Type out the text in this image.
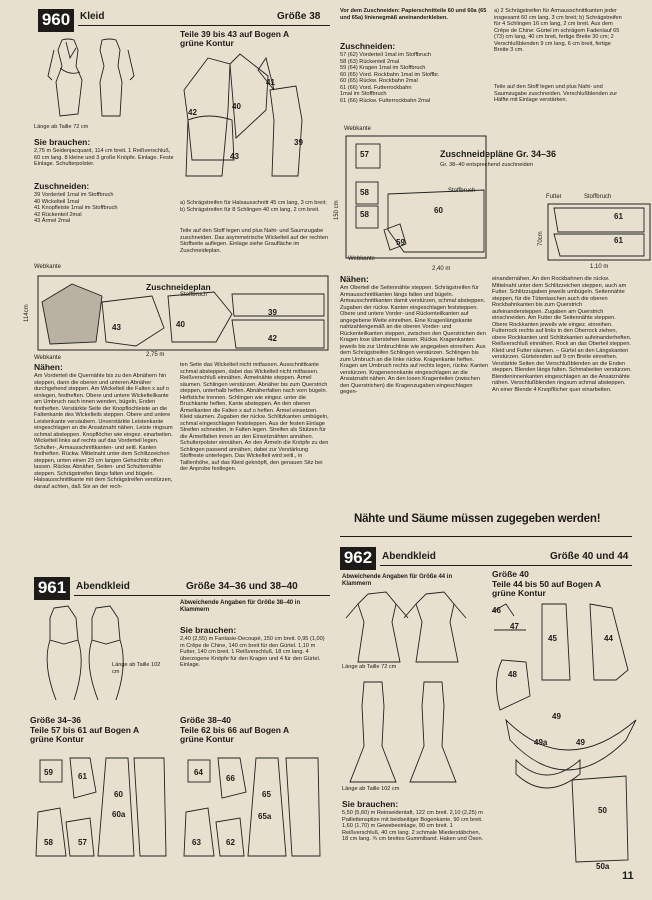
960 Kleid	Größe 38
Länge ab Taille 72 cm
Sie brauchen:
2,75 m Seidenjacquard, 114 cm breit. 1 Reißverschluß, 60 cm lang. 8 kleine und 3 große Knöpfe. Einlage. Feste Einlage. Schulterpolster.
Zuschneiden:
39 Vorderteil 1mal im Stoffbruch
40 Wickelteil 1mal
41 Knopfleiste 1mal im Stoffbruch
42 Rückenteil 2mal
43 Ärmel 2mal
Teile 39 bis 43 auf Bogen A
grüne Kontur
41
40
42
43
39
a) Schrägstreifen für Halsausschnitt 45 cm lang, 3 cm breit; b) Schrägstreifen für 8 Schlingen 40 cm lang, 2 cm breit.
Teile auf den Stoff legen und plus Naht- und Saumzugabe zuschneiden. Das asymmetrische Wickelteil auf der rechten Stoffseite auflegen. Einlage siehe Graufläche im Zuschneideplan.
Zuschneideplan
Stoffbruch
Webkante
Webkante
114cm
43	40
39
42
2,75 m
Nähen:
Am Vorderteil die Quernähte bis zu den Abnähern hin steppen, dann die oberen und unteren Abnäher durchgehend steppen. Am Wickelteil die Falten x auf o einlegen, festheften. Obere und untere Wickelteilkante am Umbruch nach innen wenden, bügeln, Enden festheften. Verstärkte Seite der Knopflochleiste an die Faltenkante des Wickelteils steppen. Obere und untere Leistenkante versäubern. Unverstärkte Leistenkante eingeschlagen an die Ansatznaht nähen. Leiste ringsum schmal absteppen. Knopflöcher wie eingez. einarbeiten. Wickelteil links auf rechts auf das Vorderteil legen. Schulter-, Armausschnittkanten- und seitl. Kanten festheften. Rückw. Mittelnaht unter dem Schlitzzeichen steppen, unten einen 23 cm langen Gehschlitz offen lassen. Rückw. Abnäher, Seiten- und Schulternähte steppen. Schrägstreifen längs falten und bügeln. Halsausschnittkante mit dem Schrägstreifen verstürzen, darauf achten, daß Sie an der rech-
ten Seite das Wickelteil nicht mitfassen. Ausschnittkante schmal absteppen, dabei das Wickelteil nicht mitfassen. Reißverschluß einnähen. Ärmelnähte steppen. Ärmel säumen. Schlingen verstürzen. Abnäher bis zum Querstrich steppen, unterhalb heften. Abnäherfalten nach vorn bügeln. Heftstiche trennen. Schlingen wie eingez. unter die Bruchkante heften, Kante absteppen. An den oberen Ärmelkanten die Falten x auf o heften. Ärmel einsetzen. Kleid säumen. Zugaben der rückw. Schlitzkanten umbügeln, schmal eingeschlagen feststeppen. Aus der festen Einlage Streifen schneiden, in Falten legen. Streifen als Stützen für die Ärmelfalten innen an den Einsetznähten annähen. Schulterpolster einnähen. An den Ärmeln die Knöpfe zu den Schlingen passend annähen, dabei zur Verstärkung Stoffreste unterlegen. Das Wickelteil wird seitl., in Taillenhöhe, auf das Kleid geknöpft, den genauen Sitz bei der Anprobe festlegen.
961 Abendkleid	Größe 34–36 und 38–40
Länge ab Taille 102 cm
Abweichende Angaben für Größe 38–40 in Klammern
Sie brauchen:
2,40 (2,55) m Fantasie-Decoupé, 150 cm breit. 0,95 (1,00) m Crêpe de Chine, 140 cm breit für den Gürtel. 1,10 m Futter, 140 cm breit. 1 Reißverschluß, 18 cm lang. 4 überzogene Knöpfe für den Kragen und 4 für den Gürtel. Einlage.
Größe 34–36
Teile 57 bis 61 auf Bogen A
grüne Kontur
Größe 38–40
Teile 62 bis 66 auf Bogen A
grüne Kontur
59	61
60
60a
58	57
64
66
65
65a
63	62
Vor dem Zuschneiden: Papierschnitteile 60 und 60a (65 und 65a) linienegmäß aneinanderkleben.
Zuschneiden:
57 (62) Vorderteil 1mal im Stoffbruch
58 (63) Rückenteil 2mal
59 (64) Kragen 1mal im Stoffbruch
60 (65) Vord. Rockbahn 1mal im Stoffbr.
60 (65) Rückw. Rockbahn 2mal
61 (66) Vord. Futterrockbahn
1mal im Stoffbruch
61 (66) Rückw. Futterrockbahn 2mal
a) 2 Schrägstreifen für Armausschnittkanten jeder insgesamt 60 cm lang, 3 cm breit; b) Schrägstreifen für 4 Schlingen 16 cm lang, 2 cm breit. Aus dem Crêpe de Chine: Gürtel im schrägem Fadenlauf 65 (73) cm lang, 40 cm breit, fertige Breite 30 cm; 2 Verschlußblenden 9 cm lang, 6 cm breit, fertige Breite 3 cm.
Teile auf den Stoff legen und plus Naht- und Saumzugabe zuschneiden. Verschlußblenden zur Hälfte mit Einlage verstärken.
Webkante
Zuschneidepläne Gr. 34–36
Gr. 38–40 entsprechend zuschneiden
Stoffbruch
Futter	Stoffbruch
57
58
58	60
59
150 cm
Webkante
2,40 m
61
61
70cm
1,10 m
Nähen:
Am Oberteil die Seitennähte steppen. Schrägstreifen für Armausschnittkanten längs falten und bügeln. Armausschnittkanten damit verstürzen, schmal absteppen. Zugaben der rückw. Kanten eingeschlagen feststeppen. Obere und untere Vorder- und Rückenteilkanten auf angegebene Weite einreihen. Eine Kragenlängskante nahtzahlengemäß an die oberen Vorder- und Rückenteilkanten steppen, zwischen den Querstrichen den Kragen lose überstehen lassen. Rückw. Kragenkanten jeweils bis zur Umbruchlinie wie angegeben einreihen. Aus dem Schrägstreifen Schlingen verstürzen. Schlingen bis zum Umbruch an die linke rückw. Kragenkante heften. Kragen am Umbruch rechts auf rechts legen, rückw. Kanten verstürzen. Kragenennnkante eingeschlagen an die Ansatznaht nähen. An den losen Kragenteilen (zwischen den Querstrichen) die Kragenzugaben eingeschlagen gegen-
einandernähen. An den Rockbahnen die rückw. Mittelnaht unter dem Schlitzzeichen steppen, auch am Futter. Schlitzzugaben jeweils umbügeln. Seitennähte steppen, für die Tütentaschen auch die oberen Rockbahnkanten bis zum Querstrich aufeinandersteppen. Zugaben am Querstrich einschneiden. Am Futter die Seitennähte steppen. Obere Rockkanten jeweils wie eingez. einreihen. Futterrock rechts auf links in den Oberrock ziehen, obere Rockkanten und Schlitzkanten aufeinanderheften. Reißverschluß einnähen. Rock an das Oberteil steppen. Kleid und Futter säumen. – Gürtel an den Längskanten verstürzen. Gürtelenden auf 9 cm Breite einreihen. Verstärkte Seiten der Verschlußblenden an die Enden steppen. Blenden längs falten. Schmalseiten verstürzen. Blendeninnenkanten eingeschlagen an die Ansatznähte nähen. Verschlußblenden ringsum schmal absteppen. An einer Blende 4 Knopflöcher quer einarbeiten.
Nähte und Säume müssen zugegeben werden!
962 Abendkleid	Größe 40 und 44
Abweichende Angaben für Größe 44 in Klammern
Länge ab Taille 72 cm
Länge ab Taille 102 cm
Sie brauchen:
5,50 (5,60) m Reinseidentaft, 122 cm breit. 2,10 (2,25) m Paillettenspitze mit beidseitiger Bogenkante, 90 cm breit. 1,60 (1,70) m Gewebeeinlage, 90 cm breit. 1 Reißverschluß, 40 cm lang. 2 schmale Miederstäbchen, 18 cm lang. ¾ cm breites Gummiband. Haken und Ösen.
Größe 40
Teile 44 bis 50 auf Bogen A
grüne Kontur
46
47
45	44
48
49
49a	49
50
50a
11
